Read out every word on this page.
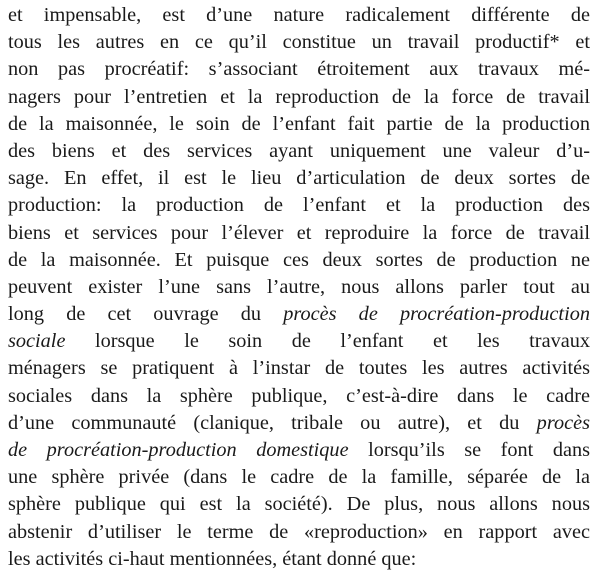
et impensable, est d’une nature radicalement différente de
tous les autres en ce qu’il constitue un travail productif* et
non pas procréatif: s’associant étroitement aux travaux mé-
nagers pour l’entretien et la reproduction de la force de travail
de la maisonnée, le soin de l’enfant fait partie de la production
des biens et des services ayant uniquement une valeur d’u-
sage. En effet, il est le lieu d’articulation de deux sortes de
production: la production de l’enfant et la production des
biens et services pour l’élever et reproduire la force de travail
de la maisonnée. Et puisque ces deux sortes de production ne
peuvent exister l’une sans l’autre, nous allons parler tout au
long de cet ouvrage du procès de procréation-production
sociale lorsque le soin de l’enfant et les travaux
ménagers se pratiquent à l’instar de toutes les autres activités
sociales dans la sphère publique, c’est-à-dire dans le cadre
d’une communauté (clanique, tribale ou autre), et du procès
de procréation-production domestique lorsqu’ils se font dans
une sphère privée (dans le cadre de la famille, séparée de la
sphère publique qui est la société). De plus, nous allons nous
abstenir d’utiliser le terme de «reproduction» en rapport avec
les activités ci-haut mentionnées, étant donné que:
